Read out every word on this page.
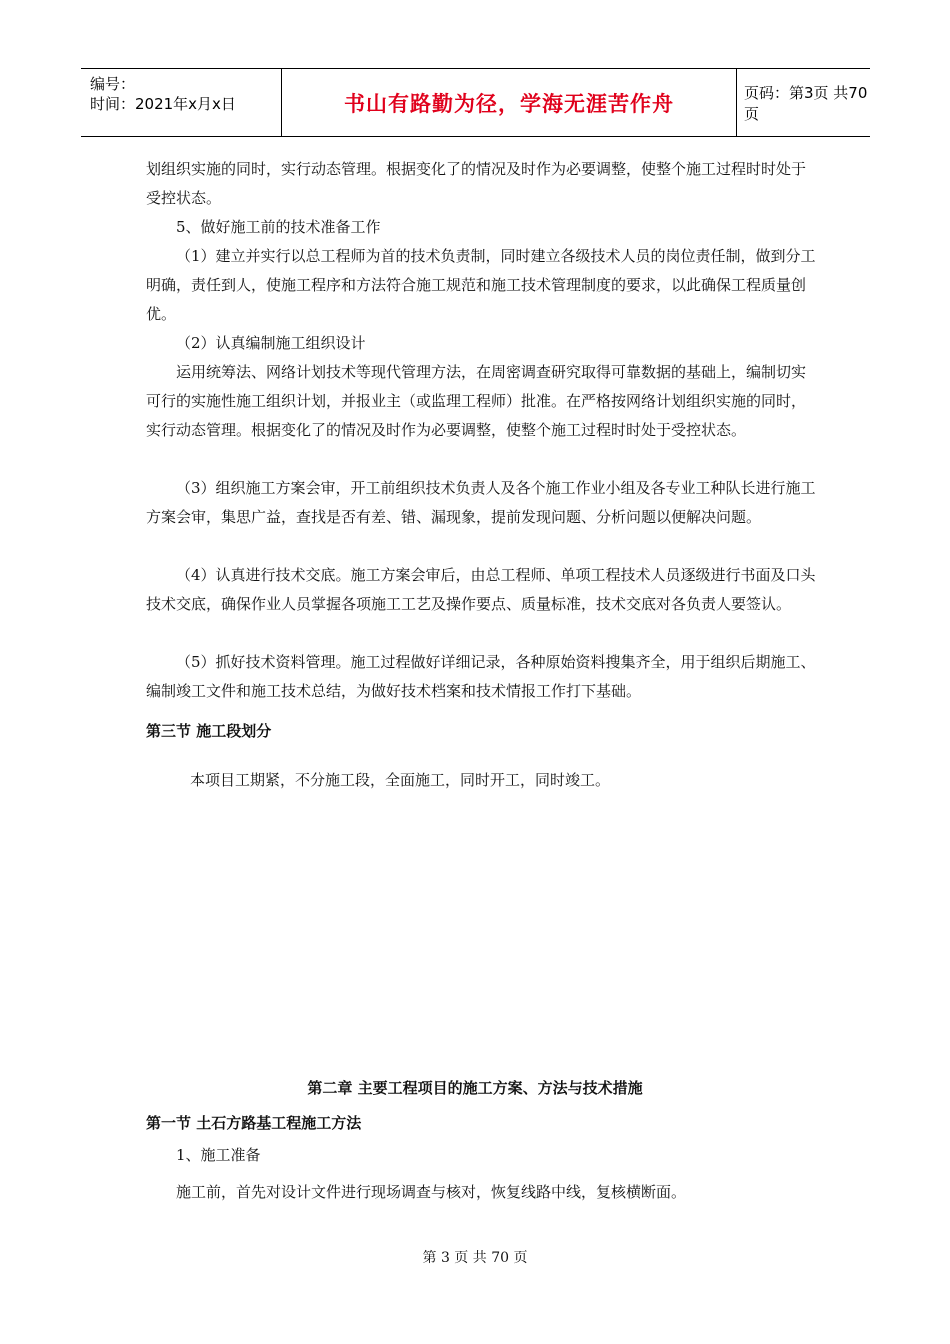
编号：
时间：2021年x月x日	书山有路勤为径，学海无涯苦作舟	页码：第3页 共70页

划组织实施的同时，实行动态管理。根据变化了的情况及时作为必要调整，使整个施工过程时时处于受控状态。

5、做好施工前的技术准备工作

（1）建立并实行以总工程师为首的技术负责制，同时建立各级技术人员的岗位责任制，做到分工明确，责任到人，使施工程序和方法符合施工规范和施工技术管理制度的要求，以此确保工程质量创优。

（2）认真编制施工组织设计

运用统筹法、网络计划技术等现代管理方法，在周密调查研究取得可靠数据的基础上，编制切实可行的实施性施工组织计划，并报业主（或监理工程师）批准。在严格按网络计划组织实施的同时，实行动态管理。根据变化了的情况及时作为必要调整，使整个施工过程时时处于受控状态。

（3）组织施工方案会审，开工前组织技术负责人及各个施工作业小组及各专业工种队长进行施工方案会审，集思广益，查找是否有差、错、漏现象，提前发现问题、分析问题以便解决问题。

（4）认真进行技术交底。施工方案会审后，由总工程师、单项工程技术人员逐级进行书面及口头技术交底，确保作业人员掌握各项施工工艺及操作要点、质量标准，技术交底对各负责人要签认。

（5）抓好技术资料管理。施工过程做好详细记录，各种原始资料搜集齐全，用于组织后期施工、编制竣工文件和施工技术总结，为做好技术档案和技术情报工作打下基础。

第三节 施工段划分

本项目工期紧，不分施工段，全面施工，同时开工，同时竣工。

第二章 主要工程项目的施工方案、方法与技术措施
第一节 土石方路基工程施工方法

1、施工准备

施工前，首先对设计文件进行现场调查与核对，恢复线路中线，复核横断面。

第 3 页 共 70 页
